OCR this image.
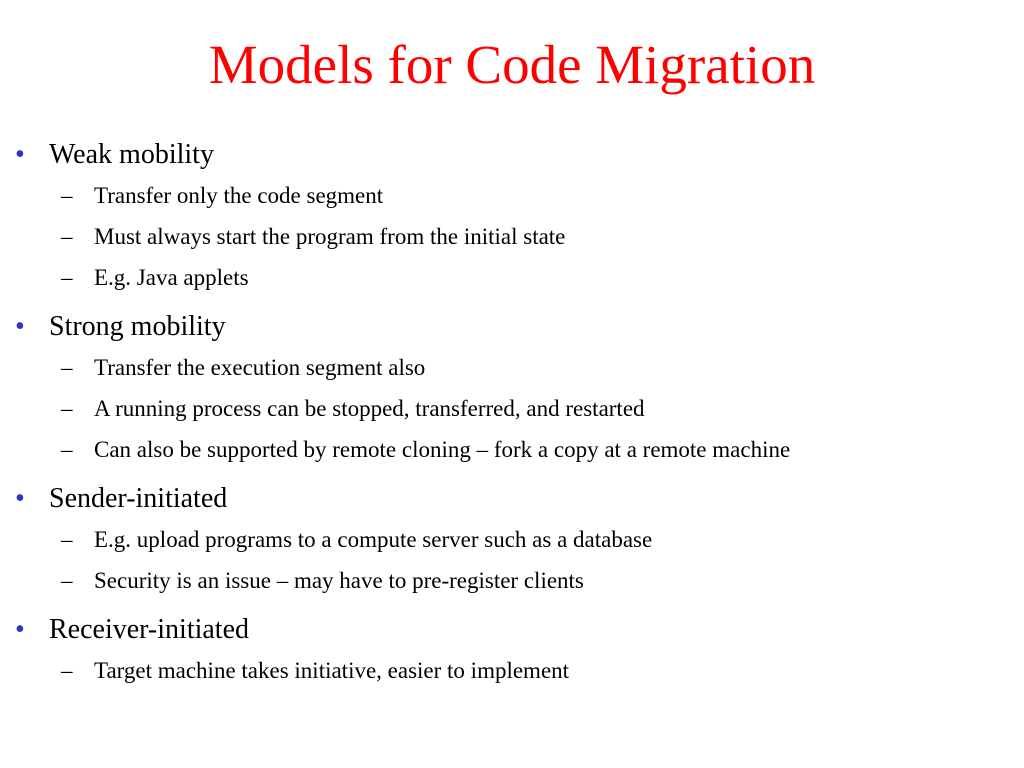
Models for Code Migration
• Weak mobility
– Transfer only the code segment
– Must always start the program from the initial state
– E.g. Java applets
• Strong mobility
– Transfer the execution segment also
– A running process can be stopped, transferred, and restarted
– Can also be supported by remote cloning – fork a copy at a remote machine
• Sender-initiated
– E.g. upload programs to a compute server such as a database
– Security is an issue – may have to pre-register clients
• Receiver-initiated
– Target machine takes initiative, easier to implement
